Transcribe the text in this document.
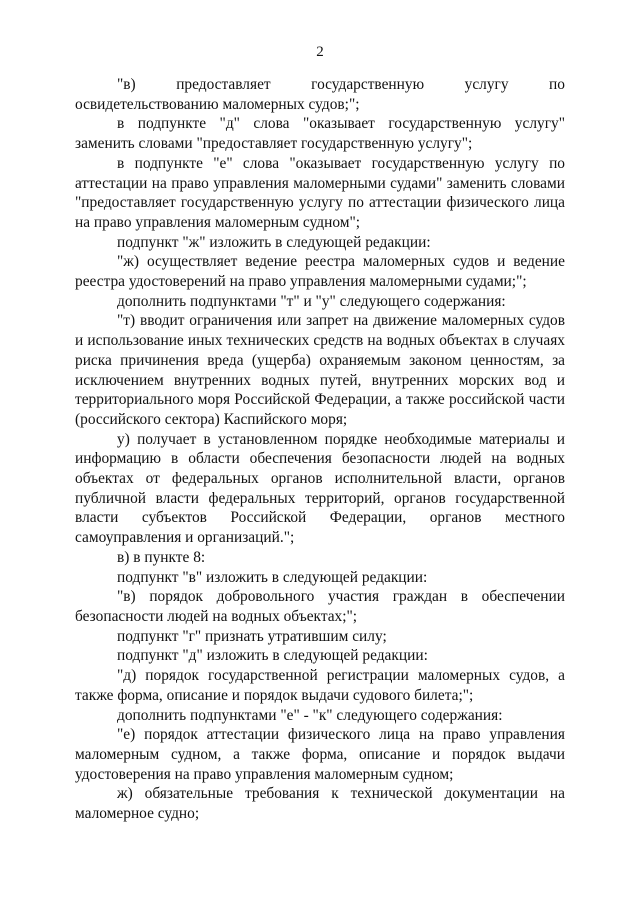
2

"в) предоставляет государственную услугу по освидетельствованию маломерных судов;";

в подпункте "д" слова "оказывает государственную услугу" заменить словами "предоставляет государственную услугу";

в подпункте "е" слова "оказывает государственную услугу по аттестации на право управления маломерными судами" заменить словами "предоставляет государственную услугу по аттестации физического лица на право управления маломерным судном";

подпункт "ж" изложить в следующей редакции:

"ж) осуществляет ведение реестра маломерных судов и ведение реестра удостоверений на право управления маломерными судами;";

дополнить подпунктами "т" и "у" следующего содержания:

"т) вводит ограничения или запрет на движение маломерных судов и использование иных технических средств на водных объектах в случаях риска причинения вреда (ущерба) охраняемым законом ценностям, за исключением внутренних водных путей, внутренних морских вод и территориального моря Российской Федерации, а также российской части (российского сектора) Каспийского моря;

у) получает в установленном порядке необходимые материалы и информацию в области обеспечения безопасности людей на водных объектах от федеральных органов исполнительной власти, органов публичной власти федеральных территорий, органов государственной власти субъектов Российской Федерации, органов местного самоуправления и организаций.";

в) в пункте 8:

подпункт "в" изложить в следующей редакции:

"в) порядок добровольного участия граждан в обеспечении безопасности людей на водных объектах;";

подпункт "г" признать утратившим силу;

подпункт "д" изложить в следующей редакции:

"д) порядок государственной регистрации маломерных судов, а также форма, описание и порядок выдачи судового билета;";

дополнить подпунктами "е" - "к" следующего содержания:

"е) порядок аттестации физического лица на право управления маломерным судном, а также форма, описание и порядок выдачи удостоверения на право управления маломерным судном;

ж) обязательные требования к технической документации на маломерное судно;
